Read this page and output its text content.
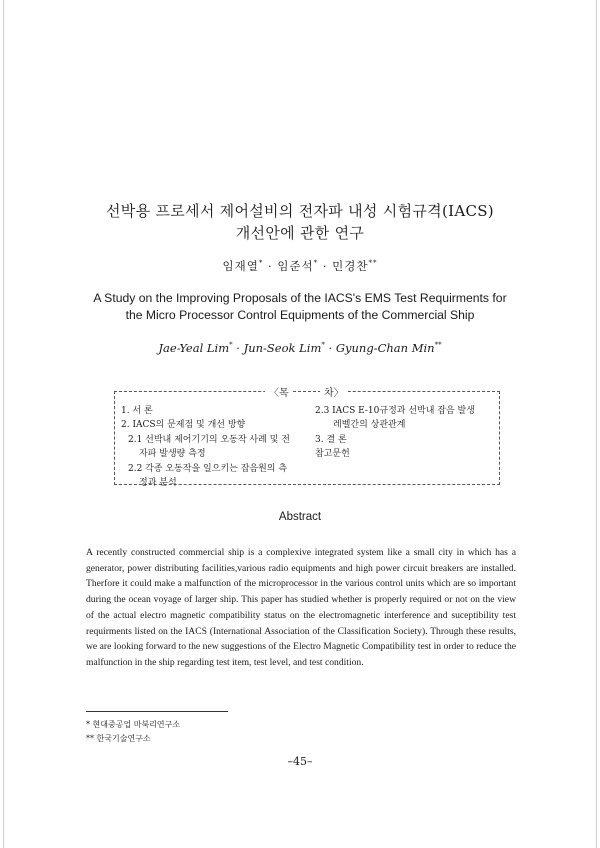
선박용 프로세서 제어설비의 전자파 내성 시험규격(IACS)
개선안에 관한 연구
임재열* · 임준석* · 민경찬**
A Study on the Improving Proposals of the IACS's EMS Test Requirments for
the Micro Processor Control Equipments of the Commercial Ship
Jae-Yeal Lim* · Jun-Seok Lim* · Gyung-Chan Min**
〈목	차〉
1. 서 론
2. IACS의 문제점 및 개선 방향
2.1 선박내 제어기기의 오동작 사례 및 전
자파 발생량 측정
2.2 각종 오동작을 일으키는 잡음원의 측
정과 분석
2.3 IACS E-10규정과 선박내 잡음 발생
레벨간의 상관관계
3. 결 론
참고문헌
Abstract
A recently constructed commercial ship is a complexive integrated system like a small city in which has a generator, power distributing facilities,various radio equipments and high power circuit breakers are installed. Therfore it could make a malfunction of the microprocessor in the various control units which are so important during the ocean voyage of larger ship. This paper has studied whether is properly required or not on the view of the actual electro magnetic compatibility status on the electromagnetic interference and suceptibility test requirments listed on the IACS (International Association of the Classification Society). Through these results, we are looking forward to the new suggestions of the Electro Magnetic Compatibility test in order to reduce the malfunction in the ship regarding test item, test level, and test condition.
* 현대중공업 마북리연구소
** 한국기술연구소
–45–
